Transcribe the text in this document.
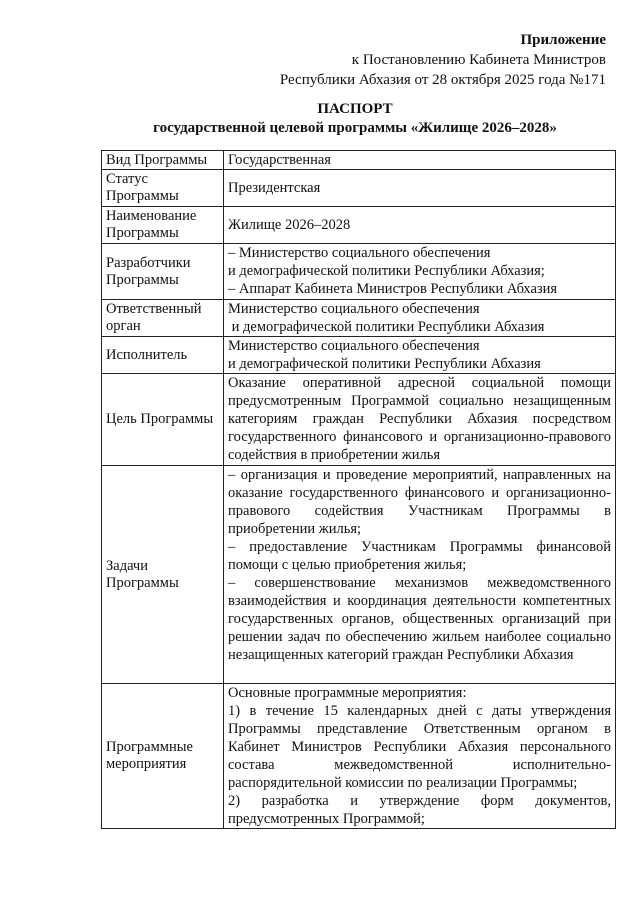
Приложение
к Постановлению Кабинета Министров
Республики Абхазия от 28 октября 2025 года №171
ПАСПОРТ
государственной целевой программы «Жилище 2026–2028»
Вид Программы	Государственная

Статус Программы	Президентская

Наименование Программы	Жилище 2026–2028

Разработчики Программы	– Министерство социального обеспечения

и демографической политики Республики Абхазия;

– Аппарат Кабинета Министров Республики Абхазия

Ответственный орган	Министерство социального обеспечения

и демографической политики Республики Абхазия

Исполнитель	Министерство социального обеспечения

и демографической политики Республики Абхазия

Цель Программы	Оказание оперативной адресной социальной помощи предусмотренным Программой социально незащищенным категориям граждан Республики Абхазия посредством государственного финансового и организационно-правового содействия в приобретении жилья
Задачи Программы	– организация и проведение мероприятий, направленных на оказание государственного финансового и организационно-правового содействия Участникам Программы в приобретении жилья;

– предоставление Участникам Программы финансовой помощи с целью приобретения жилья;

– совершенствование механизмов межведомственного взаимодействия и координация деятельности компетентных государственных органов, общественных организаций при решении задач по обеспечению жильем наиболее социально незащищенных категорий граждан Республики Абхазия

Программные мероприятия	Основные программные мероприятия:

1) в течение 15 календарных дней с даты утверждения Программы представление Ответственным органом в Кабинет Министров Республики Абхазия персонального состава межведомственной исполнительно-распорядительной комиссии по реализации Программы;

2) разработка и утверждение форм документов, предусмотренных Программой;
